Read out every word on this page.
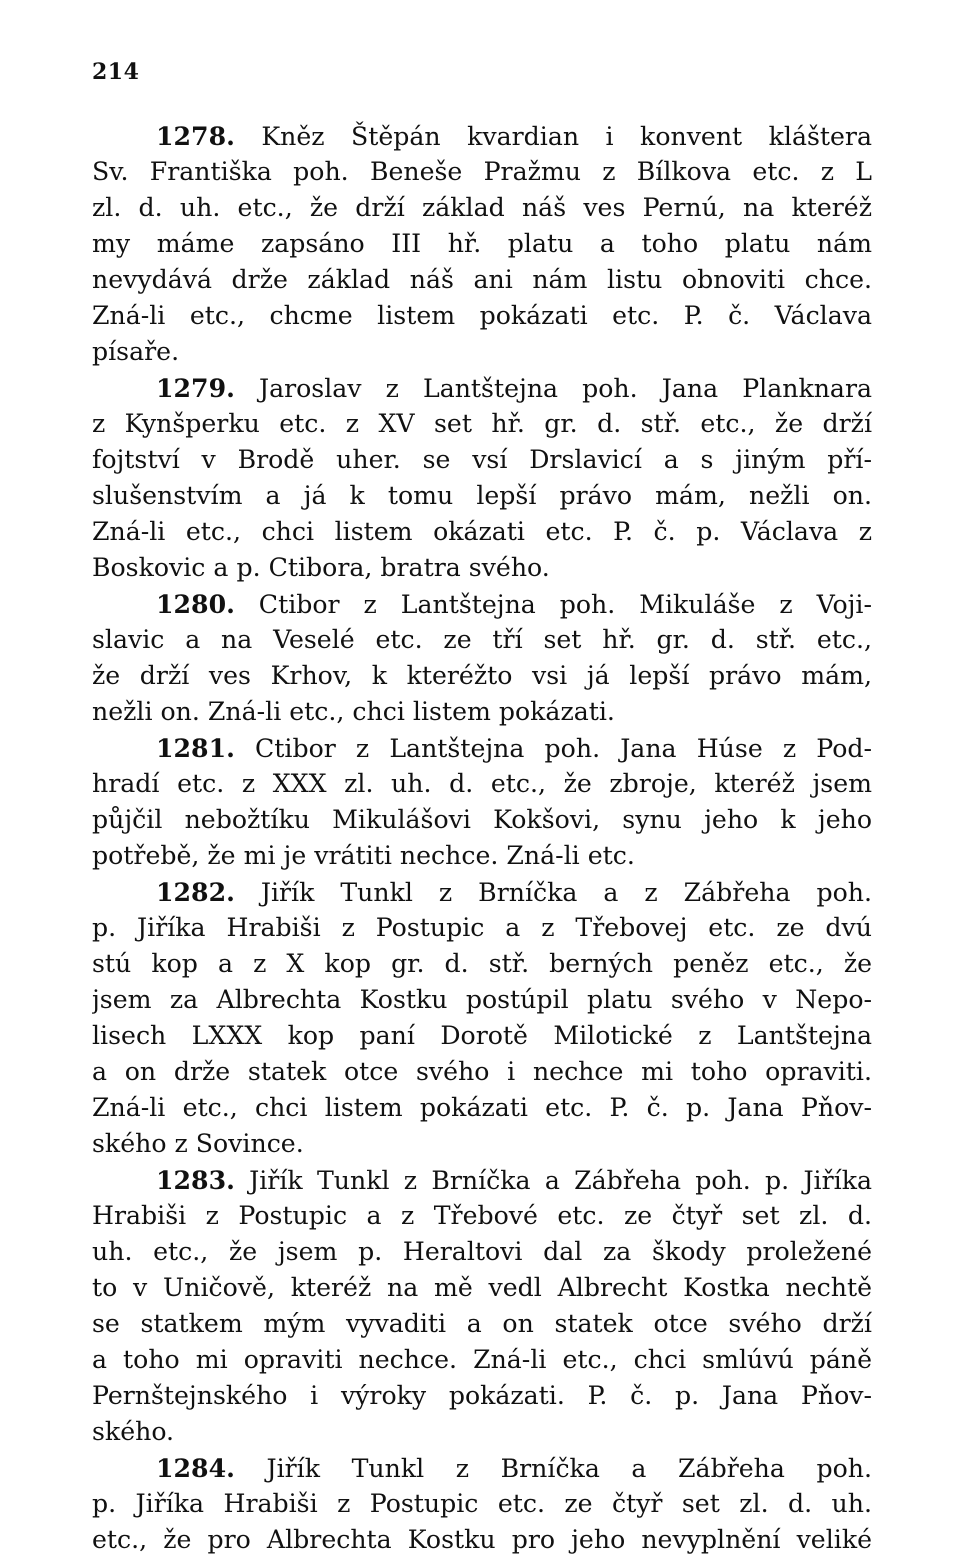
214
1278. Kněz Štěpán kvardian i konvent kláštera
Sv. Františka poh. Beneše Pražmu z Bílkova etc. z L
zl. d. uh. etc., že drží základ náš ves Pernú, na kteréž
my máme zapsáno III hř. platu a toho platu nám
nevydává drže základ náš ani nám listu obnoviti chce.
Zná-li etc., chcme listem pokázati etc. P. č. Václava
písaře.
1279. Jaroslav z Lantštejna poh. Jana Planknara
z Kynšperku etc. z XV set hř. gr. d. stř. etc., že drží
fojtství v Brodě uher. se vsí Drslavicí a s jiným pří-
slušenstvím a já k tomu lepší právo mám, nežli on.
Zná-li etc., chci listem okázati etc. P. č. p. Václava z
Boskovic a p. Ctibora, bratra svého.
1280. Ctibor z Lantštejna poh. Mikuláše z Voji-
slavic a na Veselé etc. ze tří set hř. gr. d. stř. etc.,
že drží ves Krhov, k kteréžto vsi já lepší právo mám,
nežli on. Zná-li etc., chci listem pokázati.
1281. Ctibor z Lantštejna poh. Jana Húse z Pod-
hradí etc. z XXX zl. uh. d. etc., že zbroje, kteréž jsem
půjčil nebožtíku Mikulášovi Kokšovi, synu jeho k jeho
potřebě, že mi je vrátiti nechce. Zná-li etc.
1282. Jiřík Tunkl z Brníčka a z Zábřeha poh.
p. Jiříka Hrabiši z Postupic a z Třebovej etc. ze dvú
stú kop a z X kop gr. d. stř. berných peněz etc., že
jsem za Albrechta Kostku postúpil platu svého v Nepo-
lisech LXXX kop paní Dorotě Milotické z Lantštejna
a on drže statek otce svého i nechce mi toho opraviti.
Zná-li etc., chci listem pokázati etc. P. č. p. Jana Pňov-
ského z Sovince.
1283. Jiřík Tunkl z Brníčka a Zábřeha poh. p. Jiříka
Hrabiši z Postupic a z Třebové etc. ze čtyř set zl. d.
uh. etc., že jsem p. Heraltovi dal za škody proležené
to v Uničově, kteréž na mě vedl Albrecht Kostka nechtě
se statkem mým vyvaditi a on statek otce svého drží
a toho mi opraviti nechce. Zná-li etc., chci smlúvú páně
Pernštejnského i výroky pokázati. P. č. p. Jana Pňov-
ského.
1284. Jiřík Tunkl z Brníčka a Zábřeha poh.
p. Jiříka Hrabiši z Postupic etc. ze čtyř set zl. d. uh.
etc., že pro Albrechta Kostku pro jeho nevyplnění veliké
